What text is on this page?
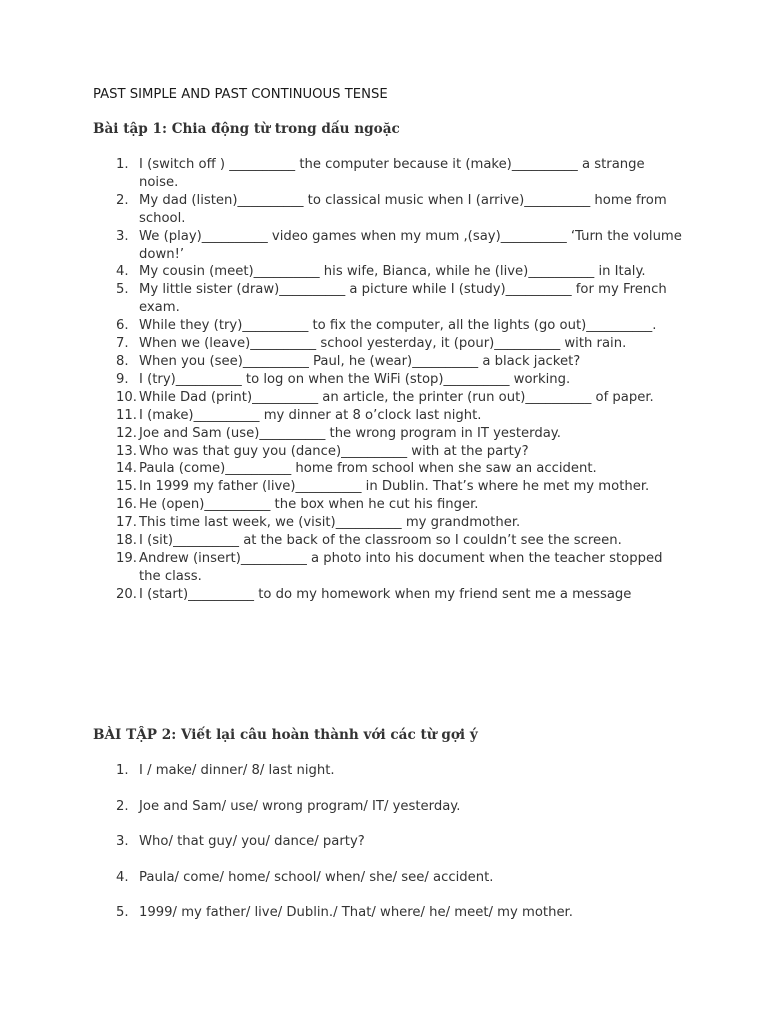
PAST SIMPLE AND PAST CONTINUOUS TENSE
Bài tập 1: Chia động từ trong dấu ngoặc
1. I (switch off ) __________ the computer because it (make)__________ a strange noise.
2. My dad (listen)__________ to classical music when I (arrive)__________ home from school.
3. We (play)__________ video games when my mum ,(say)__________ ‘Turn the volume down!’
4. My cousin (meet)__________ his wife, Bianca, while he (live)__________ in Italy.
5. My little sister (draw)__________ a picture while I (study)__________ for my French exam.
6. While they (try)__________ to fix the computer, all the lights (go out)__________.
7. When we (leave)__________ school yesterday, it (pour)__________ with rain.
8. When you (see)__________ Paul, he (wear)__________ a black jacket?
9. I (try)__________ to log on when the WiFi (stop)__________ working.
10. While Dad (print)__________ an article, the printer (run out)__________ of paper.
11. I (make)__________ my dinner at 8 o’clock last night.
12. Joe and Sam (use)__________ the wrong program in IT yesterday.
13. Who was that guy you (dance)__________ with at the party?
14. Paula (come)__________ home from school when she saw an accident.
15. In 1999 my father (live)__________ in Dublin. That’s where he met my mother.
16. He (open)__________ the box when he cut his finger.
17. This time last week, we (visit)__________ my grandmother.
18. I (sit)__________ at the back of the classroom so I couldn’t see the screen.
19. Andrew (insert)__________ a photo into his document when the teacher stopped the class.
20. I (start)__________ to do my homework when my friend sent me a message
BÀI TẬP 2: Viết lại câu hoàn thành với các từ gợi ý
1. I / make/ dinner/ 8/ last night.
2. Joe and Sam/ use/ wrong program/ IT/ yesterday.
3. Who/ that guy/ you/ dance/ party?
4. Paula/ come/ home/ school/ when/ she/ see/ accident.
5. 1999/ my father/ live/ Dublin./ That/ where/ he/ meet/ my mother.
